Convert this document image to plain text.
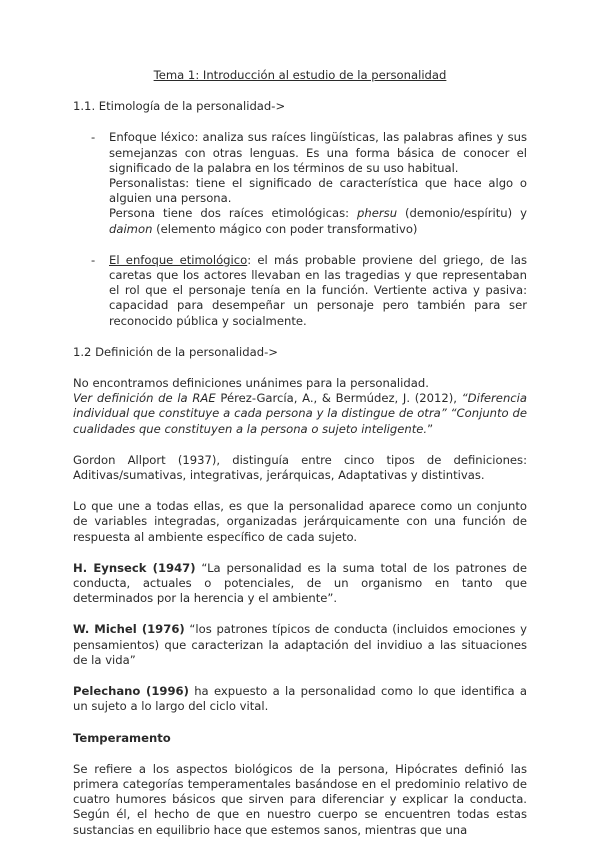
Tema 1: Introducción al estudio de la personalidad
1.1. Etimología de la personalidad->
- Enfoque léxico: analiza sus raíces lingüísticas, las palabras afines y sus semejanzas con otras lenguas. Es una forma básica de conocer el significado de la palabra en los términos de su uso habitual.
Personalistas: tiene el significado de característica que hace algo o alguien una persona.
Persona tiene dos raíces etimológicas: phersu (demonio/espíritu) y daimon (elemento mágico con poder transformativo)
- El enfoque etimológico: el más probable proviene del griego, de las caretas que los actores llevaban en las tragedias y que representaban el rol que el personaje tenía en la función. Vertiente activa y pasiva: capacidad para desempeñar un personaje pero también para ser reconocido pública y socialmente.
1.2 Definición de la personalidad->

No encontramos definiciones unánimes para la personalidad.

Ver definición de la RAE Pérez-García, A., & Bermúdez, J. (2012), “Diferencia individual que constituye a cada persona y la distingue de otra” “Conjunto de cualidades que constituyen a la persona o sujeto inteligente.”

Gordon Allport (1937), distinguía entre cinco tipos de definiciones: Aditivas/sumativas, integrativas, jerárquicas, Adaptativas y distintivas.

Lo que une a todas ellas, es que la personalidad aparece como un conjunto de variables integradas, organizadas jerárquicamente con una función de respuesta al ambiente específico de cada sujeto.

H. Eynseck (1947) “La personalidad es la suma total de los patrones de conducta, actuales o potenciales, de un organismo en tanto que determinados por la herencia y el ambiente”.

W. Michel (1976) “los patrones típicos de conducta (incluidos emociones y pensamientos) que caracterizan la adaptación del invidiuo a las situaciones de la vida”

Pelechano (1996) ha expuesto a la personalidad como lo que identifica a un sujeto a lo largo del ciclo vital.

Temperamento

Se refiere a los aspectos biológicos de la persona, Hipócrates definió las primera categorías temperamentales basándose en el predominio relativo de cuatro humores básicos que sirven para diferenciar y explicar la conducta. Según él, el hecho de que en nuestro cuerpo se encuentren todas estas sustancias en equilibrio hace que estemos sanos, mientras que una
